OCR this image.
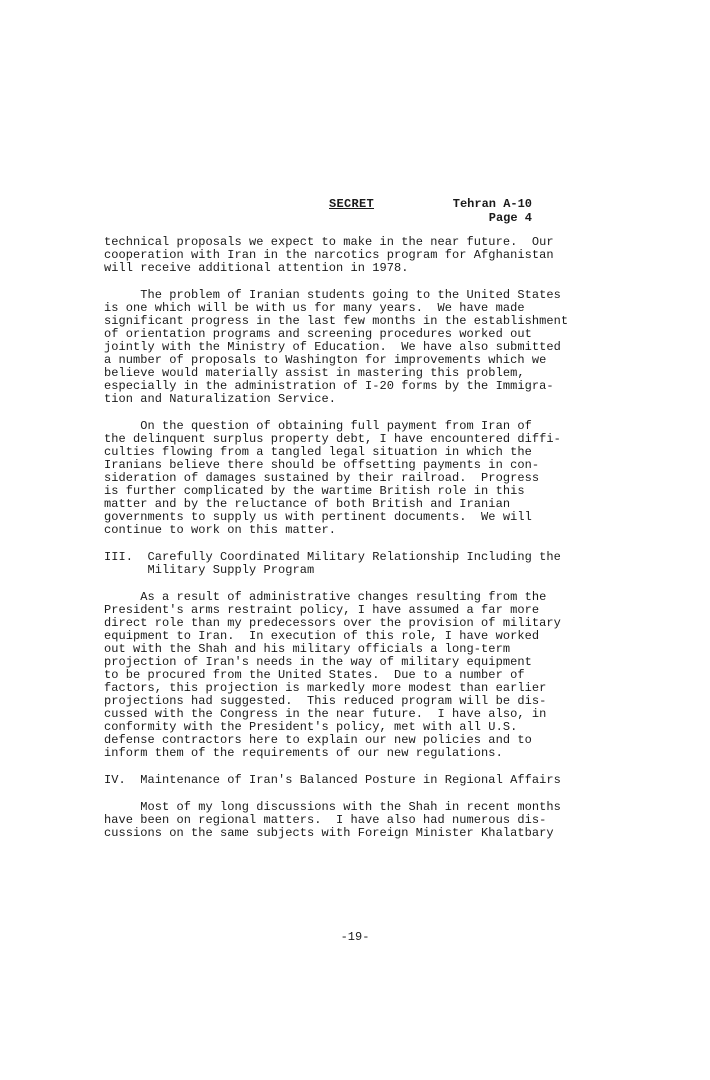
SECRET	Tehran A-10
Page 4
technical proposals we expect to make in the near future.  Our
cooperation with Iran in the narcotics program for Afghanistan
will receive additional attention in 1978.
The problem of Iranian students going to the United States
is one which will be with us for many years.  We have made
significant progress in the last few months in the establishment
of orientation programs and screening procedures worked out
jointly with the Ministry of Education.  We have also submitted
a number of proposals to Washington for improvements which we
believe would materially assist in mastering this problem,
especially in the administration of I-20 forms by the Immigra-
tion and Naturalization Service.
On the question of obtaining full payment from Iran of
the delinquent surplus property debt, I have encountered diffi-
culties flowing from a tangled legal situation in which the
Iranians believe there should be offsetting payments in con-
sideration of damages sustained by their railroad.  Progress
is further complicated by the wartime British role in this
matter and by the reluctance of both British and Iranian
governments to supply us with pertinent documents.  We will
continue to work on this matter.
III.  Carefully Coordinated Military Relationship Including the
Military Supply Program
As a result of administrative changes resulting from the
President's arms restraint policy, I have assumed a far more
direct role than my predecessors over the provision of military
equipment to Iran.  In execution of this role, I have worked
out with the Shah and his military officials a long-term
projection of Iran's needs in the way of military equipment
to be procured from the United States.  Due to a number of
factors, this projection is markedly more modest than earlier
projections had suggested.  This reduced program will be dis-
cussed with the Congress in the near future.  I have also, in
conformity with the President's policy, met with all U.S.
defense contractors here to explain our new policies and to
inform them of the requirements of our new regulations.
IV.  Maintenance of Iran's Balanced Posture in Regional Affairs
Most of my long discussions with the Shah in recent months
have been on regional matters.  I have also had numerous dis-
cussions on the same subjects with Foreign Minister Khalatbary
-19-
